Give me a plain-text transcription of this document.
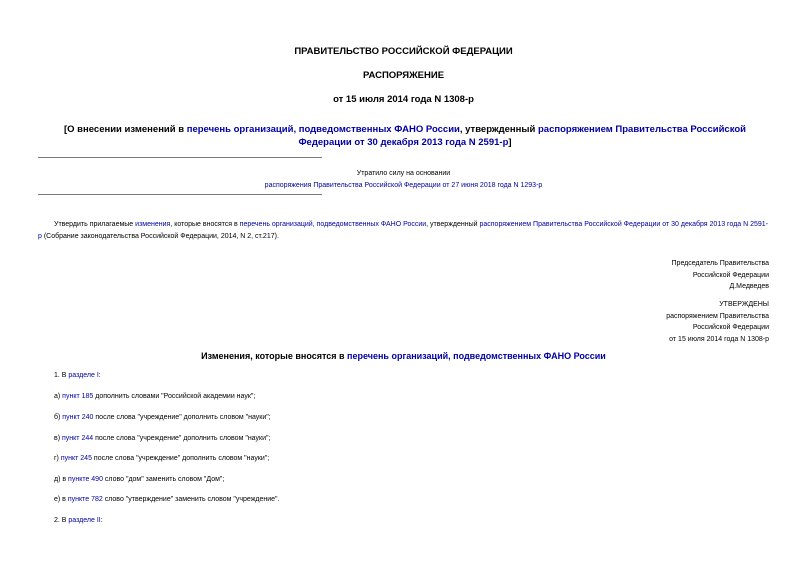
ПРАВИТЕЛЬСТВО РОССИЙСКОЙ ФЕДЕРАЦИИ
РАСПОРЯЖЕНИЕ
от 15 июля 2014 года N 1308-р
[О внесении изменений в перечень организаций, подведомственных ФАНО России, утвержденный распоряжением Правительства Российской Федерации от 30 декабря 2013 года N 2591-р]
Утратило силу на основании
распоряжения Правительства Российской Федерации от 27 июня 2018 года N 1293-р
Утвердить прилагаемые изменения, которые вносятся в перечень организаций, подведомственных ФАНО России, утвержденный распоряжением Правительства Российской Федерации от 30 декабря 2013 года N 2591-р (Собрание законодательства Российской Федерации, 2014, N 2, ст.217).
Председатель Правительства
Российской Федерации
Д.Медведев
УТВЕРЖДЕНЫ
распоряжением Правительства
Российской Федерации
от 15 июля 2014 года N 1308-р
Изменения, которые вносятся в перечень организаций, подведомственных ФАНО России
1. В разделе I:
а) пункт 185 дополнить словами "Российской академии наук";
б) пункт 240 после слова "учреждение" дополнить словом "науки";
в) пункт 244 после слова "учреждение" дополнить словом "науки";
г) пункт 245 после слова "учреждение" дополнить словом "науки";
д) в пункте 490 слово "дом" заменить словом "Дом";
е) в пункте 782 слово "утверждение" заменить словом "учреждение".
2. В разделе II:
